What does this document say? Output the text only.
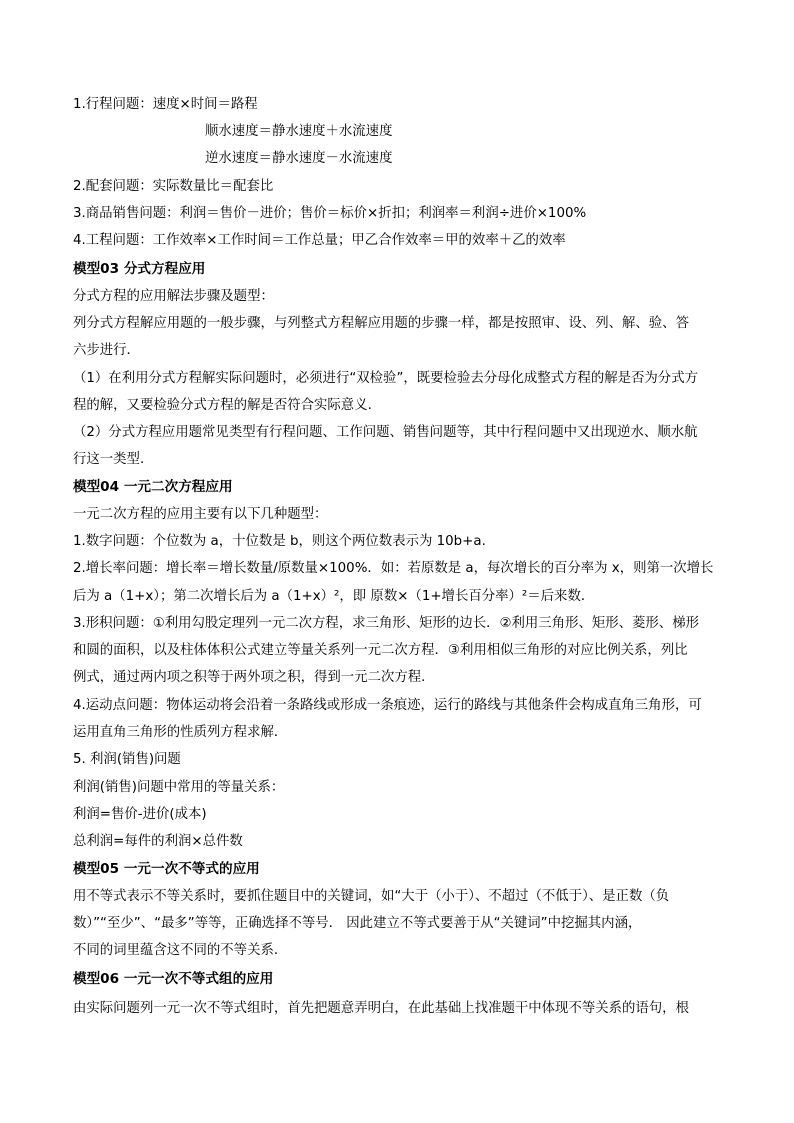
1.行程问题：速度×时间＝路程
顺水速度＝静水速度＋水流速度
逆水速度＝静水速度－水流速度
2.配套问题：实际数量比＝配套比
3.商品销售问题：利润＝售价－进价；售价＝标价×折扣；利润率＝利润÷进价×100%
4.工程问题：工作效率×工作时间＝工作总量；甲乙合作效率＝甲的效率＋乙的效率
模型03 分式方程应用
分式方程的应用解法步骤及题型：
列分式方程解应用题的一般步骤，与列整式方程解应用题的步骤一样，都是按照审、设、列、解、验、答
六步进行．
（1）在利用分式方程解实际问题时，必须进行“双检验”，既要检验去分母化成整式方程的解是否为分式方
程的解，又要检验分式方程的解是否符合实际意义.
（2）分式方程应用题常见类型有行程问题、工作问题、销售问题等，其中行程问题中又出现逆水、顺水航
行这一类型.
模型04 一元二次方程应用
一元二次方程的应用主要有以下几种题型：
1.数字问题：个位数为 a，十位数是 b，则这个两位数表示为 10b+a.
2.增长率问题：增长率＝增长数量/原数量×100%．如：若原数是 a，每次增长的百分率为 x，则第一次增长
后为 a（1+x）；第二次增长后为 a（1+x）²，即 原数×（1+增长百分率）²＝后来数．
3.形积问题：①利用勾股定理列一元二次方程，求三角形、矩形的边长．②利用三角形、矩形、菱形、梯形
和圆的面积，以及柱体体积公式建立等量关系列一元二次方程．③利用相似三角形的对应比例关系，列比
例式，通过两内项之积等于两外项之积，得到一元二次方程．
4.运动点问题：物体运动将会沿着一条路线或形成一条痕迹，运行的路线与其他条件会构成直角三角形，可
运用直角三角形的性质列方程求解．
5. 利润(销售)问题
利润(销售)问题中常用的等量关系：
利润=售价-进价(成本)
总利润=每件的利润×总件数
模型05 一元一次不等式的应用
用不等式表示不等关系时，要抓住题目中的关键词，如“大于（小于）、不超过（不低于）、是正数（负
数）”“至少”、“最多”等等，正确选择不等号． 因此建立不等式要善于从“关键词”中挖掘其内涵，
不同的词里蕴含这不同的不等关系．
模型06 一元一次不等式组的应用
由实际问题列一元一次不等式组时，首先把题意弄明白，在此基础上找准题干中体现不等关系的语句，根
